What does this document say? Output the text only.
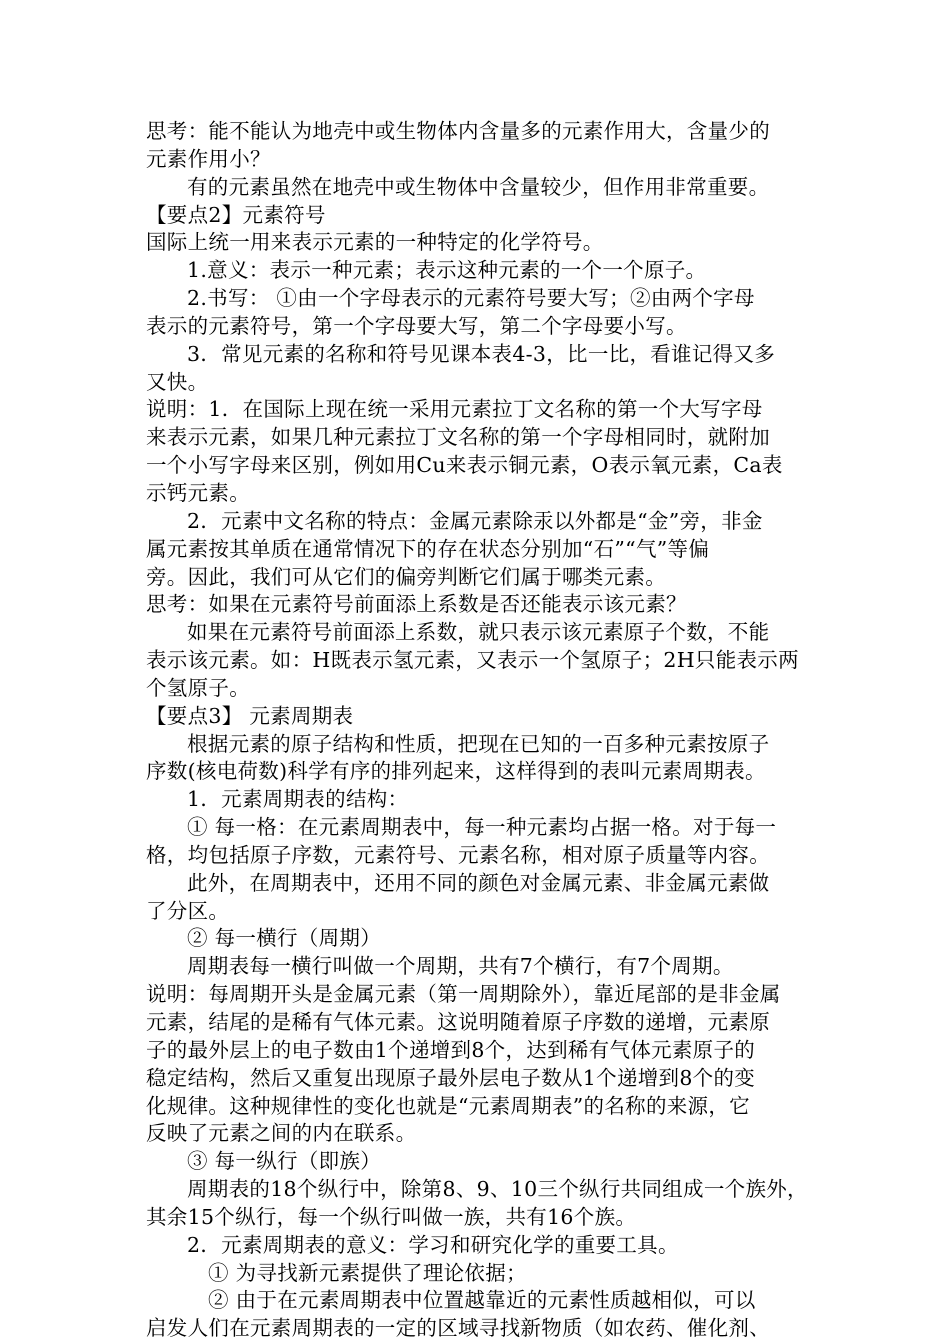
思考：能不能认为地壳中或生物体内含量多的元素作用大，含量少的
元素作用小？
有的元素虽然在地壳中或生物体中含量较少，但作用非常重要。
【要点2】元素符号
国际上统一用来表示元素的一种特定的化学符号。
1.意义：表示一种元素；表示这种元素的一个一个原子。
2.书写： ①由一个字母表示的元素符号要大写；②由两个字母
表示的元素符号，第一个字母要大写，第二个字母要小写。
3．常见元素的名称和符号见课本表4-3，比一比，看谁记得又多
又快。
说明：1．在国际上现在统一采用元素拉丁文名称的第一个大写字母
来表示元素，如果几种元素拉丁文名称的第一个字母相同时，就附加
一个小写字母来区别，例如用Cu来表示铜元素，O表示氧元素，Ca表
示钙元素。
2．元素中文名称的特点：金属元素除汞以外都是“金”旁，非金
属元素按其单质在通常情况下的存在状态分别加“石”“气”等偏
旁。因此，我们可从它们的偏旁判断它们属于哪类元素。
思考：如果在元素符号前面添上系数是否还能表示该元素？
如果在元素符号前面添上系数，就只表示该元素原子个数，不能
表示该元素。如：H既表示氢元素，又表示一个氢原子；2H只能表示两
个氢原子。
【要点3】 元素周期表
根据元素的原子结构和性质，把现在已知的一百多种元素按原子
序数(核电荷数)科学有序的排列起来，这样得到的表叫元素周期表。
1．元素周期表的结构：
① 每一格：在元素周期表中，每一种元素均占据一格。对于每一
格，均包括原子序数，元素符号、元素名称，相对原子质量等内容。
此外，在周期表中，还用不同的颜色对金属元素、非金属元素做
了分区。
② 每一横行（周期）
周期表每一横行叫做一个周期，共有7个横行，有7个周期。
说明：每周期开头是金属元素（第一周期除外），靠近尾部的是非金属
元素，结尾的是稀有气体元素。这说明随着原子序数的递增，元素原
子的最外层上的电子数由1个递增到8个，达到稀有气体元素原子的
稳定结构，然后又重复出现原子最外层电子数从1个递增到8个的变
化规律。这种规律性的变化也就是“元素周期表”的名称的来源，它
反映了元素之间的内在联系。
③ 每一纵行（即族）
周期表的18个纵行中，除第8、9、10三个纵行共同组成一个族外，
其余15个纵行，每一个纵行叫做一族，共有16个族。
2．元素周期表的意义：学习和研究化学的重要工具。
① 为寻找新元素提供了理论依据；
② 由于在元素周期表中位置越靠近的元素性质越相似，可以
启发人们在元素周期表的一定的区域寻找新物质（如农药、催化剂、
